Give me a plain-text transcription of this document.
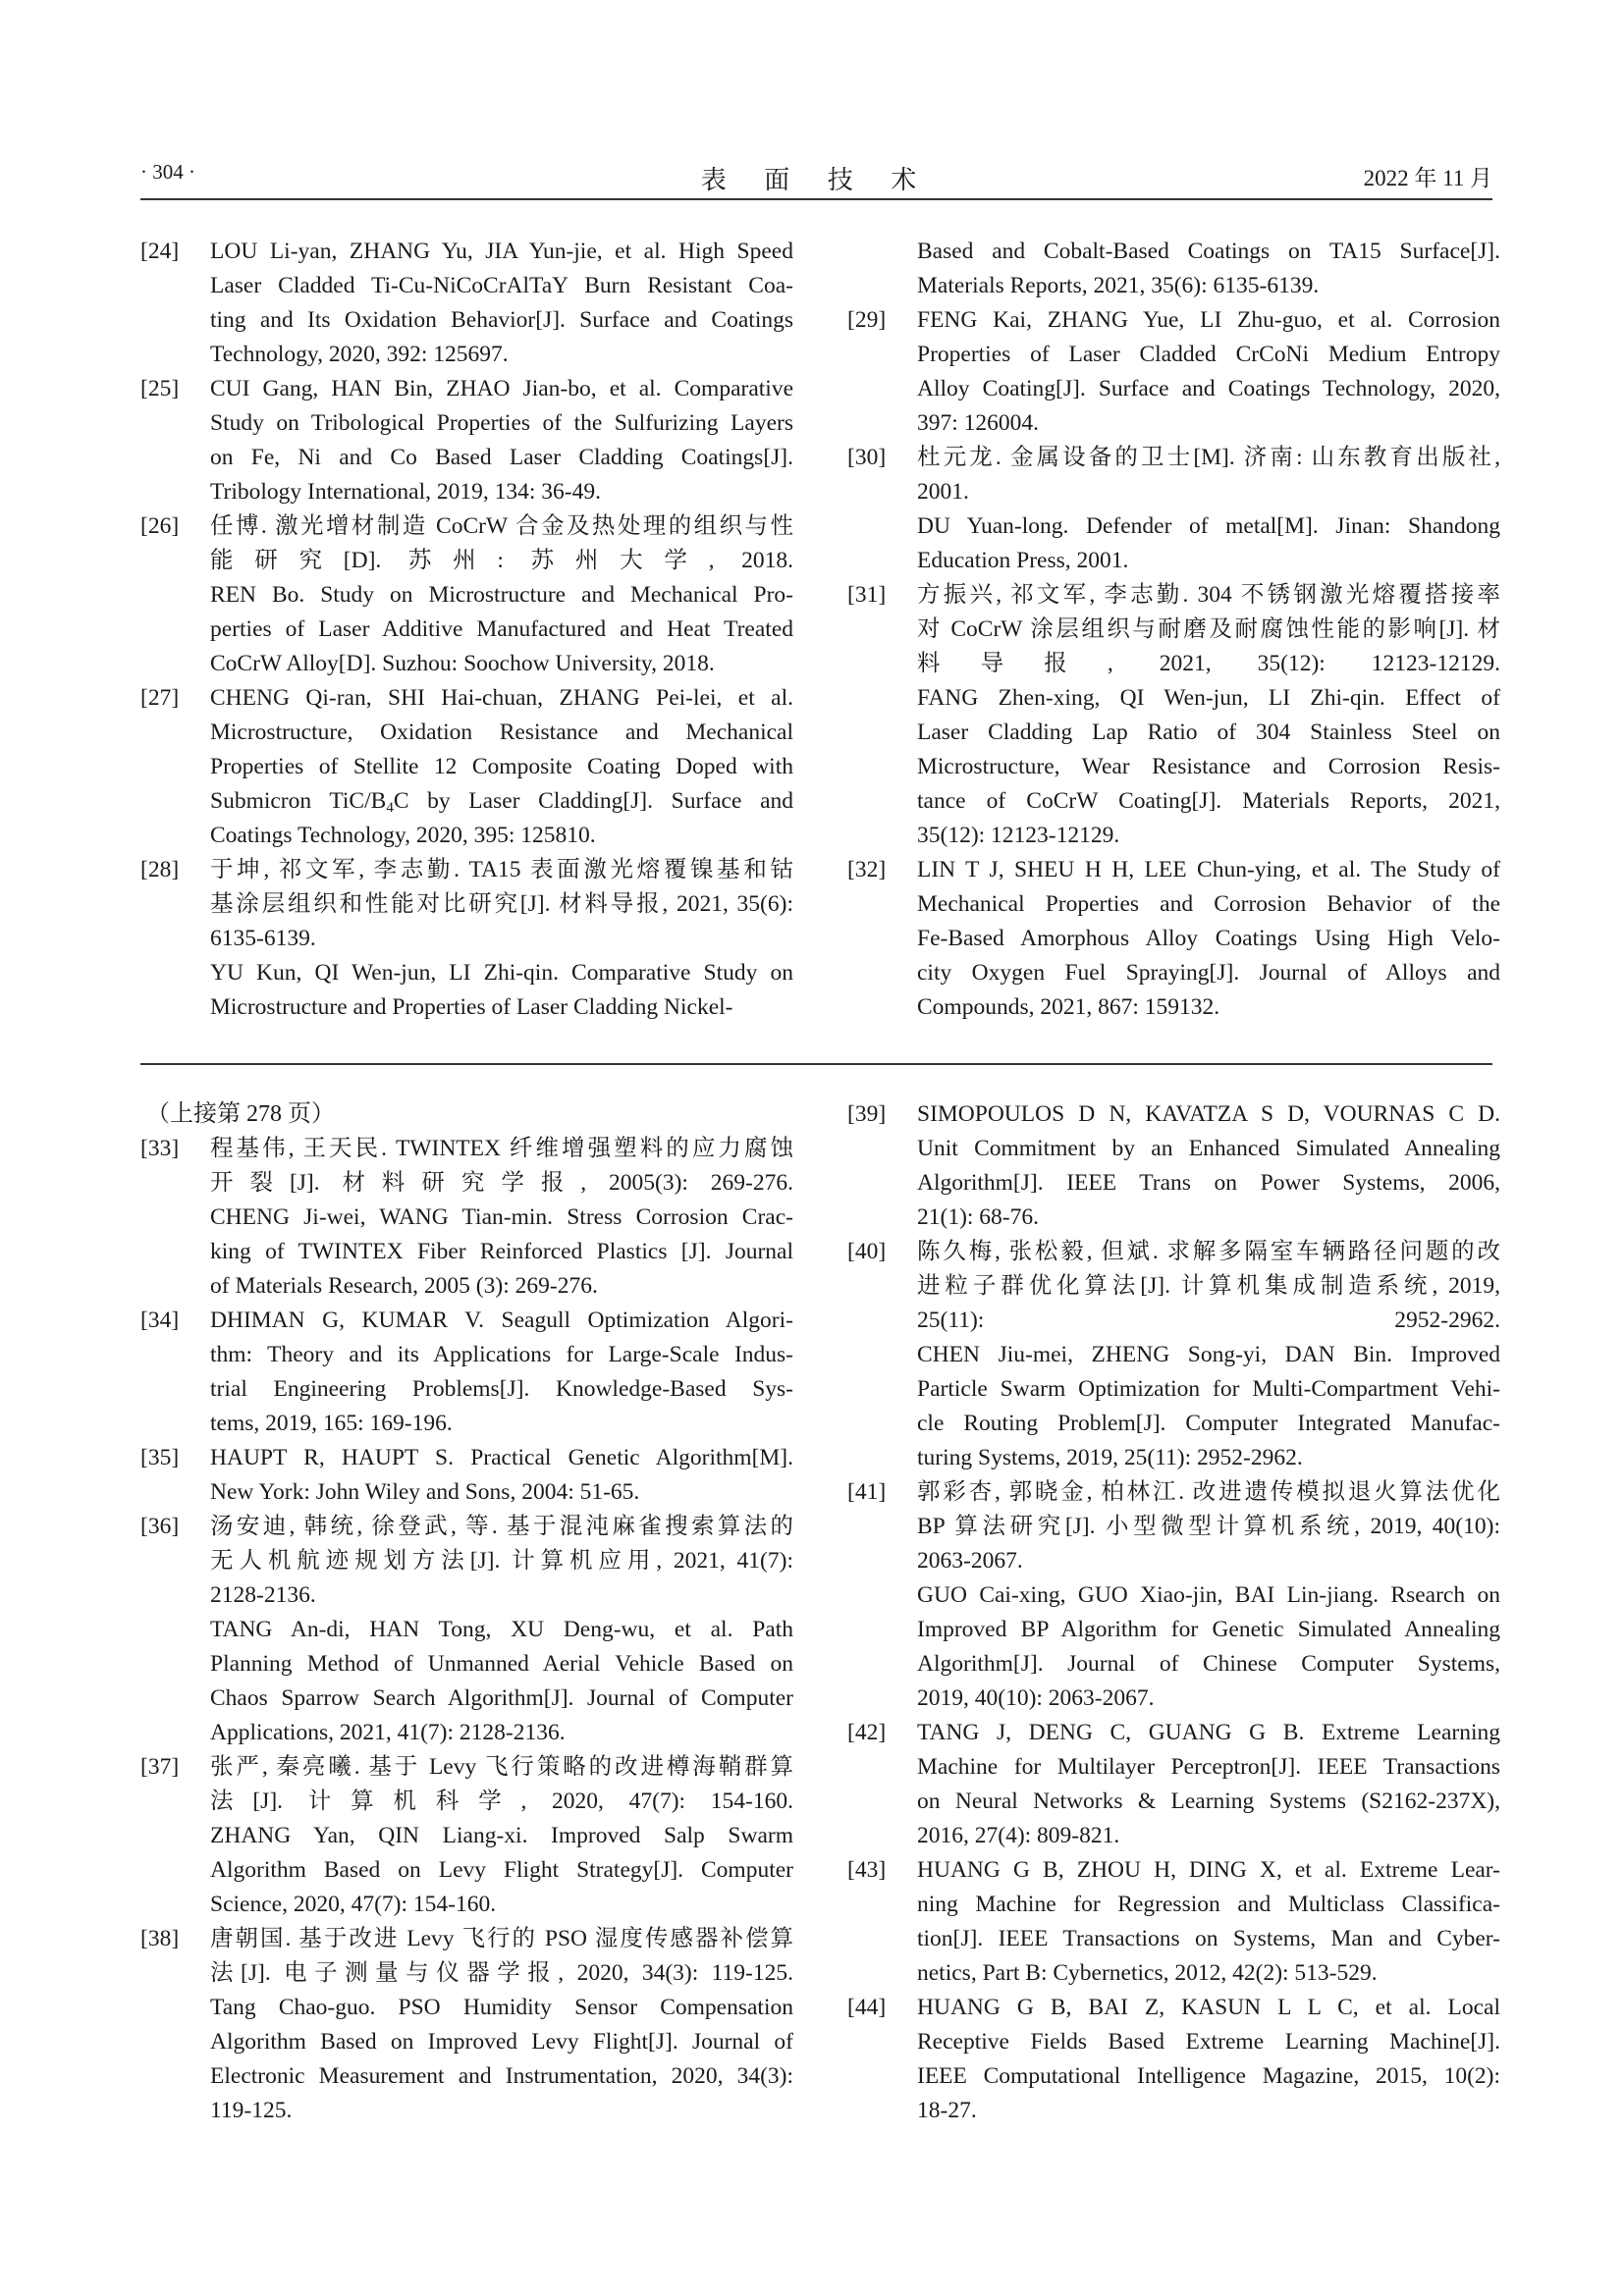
· 304 ·	表 面 技 术	2022 年 11 月
[24] LOU Li-yan, ZHANG Yu, JIA Yun-jie, et al. High Speed
Laser Cladded Ti-Cu-NiCoCrAlTaY Burn Resistant Coa-
ting and Its Oxidation Behavior[J]. Surface and Coatings
Technology, 2020, 392: 125697.
[25] CUI Gang, HAN Bin, ZHAO Jian-bo, et al. Comparative
Study on Tribological Properties of the Sulfurizing Layers
on Fe, Ni and Co Based Laser Cladding Coatings[J].
Tribology International, 2019, 134: 36-49.
[26] 任博. 激光增材制造 CoCrW 合金及热处理的组织与性
能研究[D]. 苏州: 苏州大学, 2018.
REN Bo. Study on Microstructure and Mechanical Pro-
perties of Laser Additive Manufactured and Heat Treated
CoCrW Alloy[D]. Suzhou: Soochow University, 2018.
[27] CHENG Qi-ran, SHI Hai-chuan, ZHANG Pei-lei, et al.
Microstructure, Oxidation Resistance and Mechanical
Properties of Stellite 12 Composite Coating Doped with
Submicron TiC/$B_4C$ by Laser Cladding[J]. Surface and
Coatings Technology, 2020, 395: 125810.
[28] 于坤, 祁文军, 李志勤. TA15 表面激光熔覆镍基和钴
基涂层组织和性能对比研究[J]. 材料导报, 2021, 35(6):
6135-6139.
YU Kun, QI Wen-jun, LI Zhi-qin. Comparative Study on
Microstructure and Properties of Laser Cladding Nickel-
Based and Cobalt-Based Coatings on TA15 Surface[J].
Materials Reports, 2021, 35(6): 6135-6139.
[29] FENG Kai, ZHANG Yue, LI Zhu-guo, et al. Corrosion
Properties of Laser Cladded CrCoNi Medium Entropy
Alloy Coating[J]. Surface and Coatings Technology, 2020,
397: 126004.
[30] 杜元龙. 金属设备的卫士[M]. 济南: 山东教育出版社,
2001.
DU Yuan-long. Defender of metal[M]. Jinan: Shandong
Education Press, 2001.
[31] 方振兴, 祁文军, 李志勤. 304 不锈钢激光熔覆搭接率
对 CoCrW 涂层组织与耐磨及耐腐蚀性能的影响[J]. 材
料导报, 2021, 35(12): 12123-12129.
FANG Zhen-xing, QI Wen-jun, LI Zhi-qin. Effect of
Laser Cladding Lap Ratio of 304 Stainless Steel on
Microstructure, Wear Resistance and Corrosion Resis-
tance of CoCrW Coating[J]. Materials Reports, 2021,
35(12): 12123-12129.
[32] LIN T J, SHEU H H, LEE Chun-ying, et al. The Study of
Mechanical Properties and Corrosion Behavior of the
Fe-Based Amorphous Alloy Coatings Using High Velo-
city Oxygen Fuel Spraying[J]. Journal of Alloys and
Compounds, 2021, 867: 159132.
（上接第 278 页）
[33] 程基伟, 王天民. TWINTEX 纤维增强塑料的应力腐蚀
开裂[J]. 材料研究学报, 2005(3): 269-276.
CHENG Ji-wei, WANG Tian-min. Stress Corrosion Crac-
king of TWINTEX Fiber Reinforced Plastics [J]. Journal
of Materials Research, 2005 (3): 269-276.
[34] DHIMAN G, KUMAR V. Seagull Optimization Algori-
thm: Theory and its Applications for Large-Scale Indus-
trial Engineering Problems[J]. Knowledge-Based Sys-
tems, 2019, 165: 169-196.
[35] HAUPT R, HAUPT S. Practical Genetic Algorithm[M].
New York: John Wiley and Sons, 2004: 51-65.
[36] 汤安迪, 韩统, 徐登武, 等. 基于混沌麻雀搜索算法的
无人机航迹规划方法[J]. 计算机应用, 2021, 41(7):
2128-2136.
TANG An-di, HAN Tong, XU Deng-wu, et al. Path
Planning Method of Unmanned Aerial Vehicle Based on
Chaos Sparrow Search Algorithm[J]. Journal of Computer
Applications, 2021, 41(7): 2128-2136.
[37] 张严, 秦亮曦. 基于 Levy 飞行策略的改进樽海鞘群算
法[J]. 计算机科学, 2020, 47(7): 154-160.
ZHANG Yan, QIN Liang-xi. Improved Salp Swarm
Algorithm Based on Levy Flight Strategy[J]. Computer
Science, 2020, 47(7): 154-160.
[38] 唐朝国. 基于改进 Levy 飞行的 PSO 湿度传感器补偿算
法[J]. 电子测量与仪器学报, 2020, 34(3): 119-125.
Tang Chao-guo. PSO Humidity Sensor Compensation
Algorithm Based on Improved Levy Flight[J]. Journal of
Electronic Measurement and Instrumentation, 2020, 34(3):
119-125.
[39] SIMOPOULOS D N, KAVATZA S D, VOURNAS C D.
Unit Commitment by an Enhanced Simulated Annealing
Algorithm[J]. IEEE Trans on Power Systems, 2006,
21(1): 68-76.
[40] 陈久梅, 张松毅, 但斌. 求解多隔室车辆路径问题的改
进粒子群优化算法[J]. 计算机集成制造系统, 2019,
25(11): 2952-2962.
CHEN Jiu-mei, ZHENG Song-yi, DAN Bin. Improved
Particle Swarm Optimization for Multi-Compartment Vehi-
cle Routing Problem[J]. Computer Integrated Manufac-
turing Systems, 2019, 25(11): 2952-2962.
[41] 郭彩杏, 郭晓金, 柏林江. 改进遗传模拟退火算法优化
BP 算法研究[J]. 小型微型计算机系统, 2019, 40(10):
2063-2067.
GUO Cai-xing, GUO Xiao-jin, BAI Lin-jiang. Rsearch on
Improved BP Algorithm for Genetic Simulated Annealing
Algorithm[J]. Journal of Chinese Computer Systems,
2019, 40(10): 2063-2067.
[42] TANG J, DENG C, GUANG G B. Extreme Learning
Machine for Multilayer Perceptron[J]. IEEE Transactions
on Neural Networks & Learning Systems (S2162-237X),
2016, 27(4): 809-821.
[43] HUANG G B, ZHOU H, DING X, et al. Extreme Lear-
ning Machine for Regression and Multiclass Classifica-
tion[J]. IEEE Transactions on Systems, Man and Cyber-
netics, Part B: Cybernetics, 2012, 42(2): 513-529.
[44] HUANG G B, BAI Z, KASUN L L C, et al. Local
Receptive Fields Based Extreme Learning Machine[J].
IEEE Computational Intelligence Magazine, 2015, 10(2):
18-27.
